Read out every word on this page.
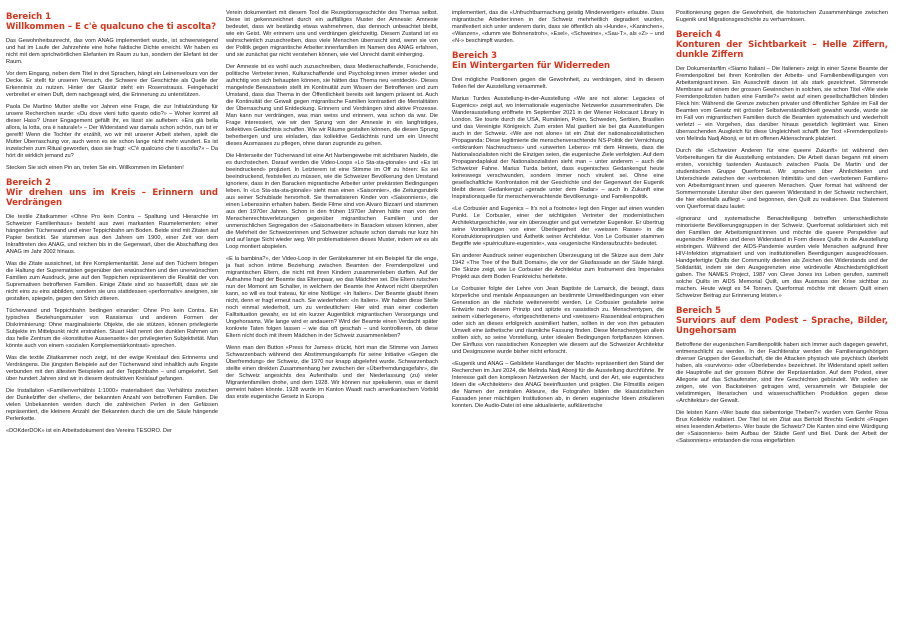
Bereich 1
Willkommen – E c'è qualcuno che ti ascolta?

Das Gewohnheitsunrecht, das vom ANAG implementiert wurde, ist schwerwiegend und hat im Laufe der Jahrzehnte eine hohe faktische Dichte erreicht. Wir haben es nicht mit dem sprichwörtlichen Elefanten im Raum zu tun, sondern der Elefant ist der Raum.

Vor dem Eingang, neben dem Titel in drei Sprachen, hängt ein Leinenvelours von der Decke. Er stellt für unseren Versuch, die Schwere der Geschichte als Quelle der Erkenntnis zu nutzen. Hinter der Glastür steht ein Rosenstrauss. Feingehackt verbreitet er einen Duft, dem nachgesagt wird, die Erinnerung zu unterstützen.

Paola De Martino Mutter stellte vor Jahren eine Frage, die zur Initialzündung für unsere Recherchen wurde: «Du dove vieni tutto questo odio?» – Woher kommt all dieser Hass? Unser Engagement gefällt ihr, es lässt sie aufleben: «Era già bella allora, la lotta, ora è naturale!» – Der Widerstand war damals schon schön, nun ist er gereift! Wenn die Tochter ihr erzählt, wo wir mit unserer Arbeit stehen, spielt die Mutter Überraschung vor, auch wenn es sie schon lange nicht mehr wundert. Es ist inzwischen zum Ritual geworden, dass sie fragt: «C'è qualcuno che ti ascolta?» – Da hört dir wirklich jemand zu?

Stecken Sie sich einen Pin an, treten Sie ein. Willkommen im Elefanten!

Bereich 2
Wir drehen uns im Kreis – Erinnern und Verdrängen

Die textile Zitatkammer «Ohne Pro kein Contra – Spaltung und Hierarchie im Schweizer Familienhaus» besteht aus zwei markanten Raumelementen: einer hängenden Tücherwand und einer Teppichbahn am Boden. Beide sind mit Zitaten auf Papier bestickt. Sie stammen aus den Jahren um 1900, einer Zeit vor dem Inkrafttreten des ANAG, und reichen bis in die Gegenwart, über die Abschaffung des ANAG im Jahr 2002 hinaus.

Was die Zitate aussichnet, ist ihre Komplementarität. Jene auf den Tüchern bringen die Haltung der Suprematisten gegenüber den erwünschten und den unerwünschten Familien zum Ausdruck, jene auf den Teppichen repräsentieren die Realität der von Supremativen betroffenen Familien. Einige Zitate sind so hasserfüllt, dass wir sie nicht eins zu eins abbilden, sondern sie uns stattdessen «performativ» aneignen, sie gestalten, spiegeln, gegen den Strich zitieren.

Tücherwand und Teppichbahn bedingen einander: Ohne Pro kein Contra. Ein typisches Beziehungsmuster von Rassismus und anderen Formen der Diskriminierung: Ohne marginalisierte Objekte, die sie stützen, können privilegierte Subjekte im Mittelpunkt nicht erstrahlen. Stuart Hall nennt den dunklen Rahmen um das helle Zentrum die «konstitutive Aussenseite» der privilegierten Subjektivität. Man könnte auch von einem «sozialen Komplementärkontrast» sprechen.

Was die textile Zitatkammer noch zeigt, ist der ewige Kreislauf des Erinnerns und Verdrängens. Die jüngsten Beispiele auf der Tücherwand sind inhaltlich aufs Engste verbunden mit den ältesten Beispielen auf der Teppichbahn – und umgekehrt. Seit über hundert Jahren sind wir in diesem destruktiven Kreislauf gefangen.

Die Installation «Familienverhältnis 1:1000» materialisiert das Verhältnis zwischen der Dunkelziffer der «hellen», der bekannten Anzahl von betroffenen Familien. Die vielen Unbekannten werden durch die zahlreichen Perlen in den Gefässen repräsentiert, die kleinere Anzahl der Bekannten durch die um die Säule hängende Perlenkette.

«DOKderDOK» ist ein Arbeitsdokument des Vereins TESORO. Der

Verein dokumentiert mit diesem Tool die Rezeptionsgeschichte des Themas selbst. Diese ist gekennzeichnet durch ein auffälliges Muster der Amnesie: Amnesie bedeutet, dass wir beständig etwas wahrnehmen, das dennoch unbeachtet bleibt, wie ein Geist. Wir erinnern uns und verdrängen gleichzeitig. Diesem Zustand ist es wahrscheinlich zuzuschreiben, dass viele Menschen überrascht sind, wenn sie von der Politik gegen migrantische Arbeiter:innenfamilien im Namen des ANAG erfahren, und sie zunächst gar nicht verstehen können, wie viel Unrecht damit einherging.

Der Amnesie ist es wohl auch zuzuschreiben, dass Medienschaffende, Forschende, politische Vertreter:innen, Kulturschaffende und Psycholog:innen immer wieder und aufrichtig von sich behaupten können, sie hätten das Thema neu «entdeckt». Dieses mangelnde Bewusstsein stellt im Kontinuität zum Wissen der Betroffenen und zum Umstand, dass das Thema in der Öffentlichkeit bereits seit langem präsent ist. Auch die Kontinuität der Gewalt gegen migrantische Familien kontrastiert die Mentalitäten der Überraschung und Entdeckung. Erinnern und Verdrängen sind aktive Prozesse. Man kann nur verdrängen, was man weiss und erinnern, was schon da war. Die Frage interessiert, wie wir den Sprung von der Amnesie in ein langfristiges, kollektives Gedächtnis schaffen. Wie wir Räume gestalten können, die diesen Sprung beherbergen und uns einladen, das kollektive Gedächtnis rund um ein Unrecht dieses Ausmasses zu pflegen, ohne daran zugrunde zu gehen.

Die Hinterseite der Tücherwand ist eine Art Narbengewebe mit sichtbaren Nadeln, die es durchstechen. Darauf werden die Video-Loops «Lo Sta-sta-gionale» und «Es ist beeindruckend» projiziert. In Letzterem ist eine Stimme im Off zu hören: Es sei beeindruckend, feststellen zu müssen, wie die Schweizer Bevölkerung den Umstand ignoriere, dass in den Baracken migrantische Arbeiter unter prekärsten Bedingungen leben. In «Lo Sta-sta-sta-gionale» sieht man einen «Saisonnier», die Zeitungsrubrik aus seiner Schublade hervorholt. Sie thematisieren Kinder von «Saisonniers», die einen Lebenssinn erhalten haben. Beide Filme sind von Alvaro Bizzarri und stammen aus den 1970er Jahren. Schon in den frühen 1970er Jahren hätte man von den Menschenrechtsverletzungen gegenüber migrantischen Familien und der unmenschlichen Segregation der «Saisonarbeiter» in Baracken wissen können, aber die Mehrheit der Schweizerinnen und Schweizer schaute schon damals nur kurz hin und auf lange Sicht wieder weg. Wir problematisieren dieses Muster, indem wir es als Loop montiert abspielen.

«E la bambina?», der Video-Loop in der Gerätekammer ist ein Beispiel für die enge, ja fast schon intime Beziehung zwischen Beamten der Fremdenpolizei und migrantischen Eltern, die nicht mit ihren Kindern zusammenleben durften. Auf der Aufnahme fragt der Beamte das Elternpaar, wo das Mädchen sei. Die Eltern rutschen nun der Momont am Schalter, in welchem der Beamte ihre Antwort nicht überprüfen kann, so will es tout trateau, für eine Notlüge: «In Italien». Der Beamte glaubt ihnen nicht, denn er fragt erneut nach. Sie wiederholen: «In Italien». Wir haben diese Stelle noch einmal wiederholt, um zu verdeutlichen: Hier wird man einer codierten Falltsituation gewahr, es ist ein kurzer Augenblick migrantischen Versorgungs und Ungehorsams. Wie lange wird er andauern? Wird der Beamte einen Verdacht später konkrete Taten folgen lassen – wie das oft geschah – und kontrollieren, ob diese Eltern nicht doch mit ihrem Mädchen in der Schweiz zusammenleben?

Wenn man den Button «Press for James» drückt, hört man die Stimme von James Schwarzenbach während des Abstimmungskampfs für seine Initiative «Gegen die Überfremdung» der Schweiz, die 1970 nur knapp abgelehnt wurde. Schwarzenbach stellte einen direkten Zusammenhang her zwischen der «Überfremdungsgefahr», die der Schweiz angesichts des Aufenthalts und der Niederlassung (zu) vieler Migrantenfamilien drohe, und dem 1928. Wir können nur spekulieren, was er damit gemeint haben könnte. 1928 wurde im Kanton Waadt nach amerikanischem Vorbild das erste eugenische Gesetz in Europa

implementiert, das die «Unfruchtbarmachung geistig Minderwertiger» erlaubte. Dass migrantische Arbeiter:innen in der Schweiz mehrheitlich degradiert wurden, manifestiert sich unter anderem darin, dass sie öffentlich als «Hunde», «Kaninchen», «Wanzen», «dumm wie Bohnenstroh», «Esel», «Schweine», «Sau-T», als «Z» – und «N-» beschimpft wurden.

Bereich 3
Ein Wintergarten für Widerreden

Drei mögliche Positionen gegen die Gewohnheit, zu verdrängen, sind in diesem Teilen fiel der Ausstellung versammelt.

Marius Turdes Ausstellung-in-der-Ausstellung «We are not alone: Legacies of Eugenics» zeigt auf, wo internationale eugenische Netzwerke zusammentrafen. Die Wanderausstellung eröffnete im September 2021 in der Wiener Holocaust Library in London. Sie tourte durch die USA, Rumänien, Polen, Schweden, Serbien, Brasilien und das Vereinigte Königreich. Zum ersten Mal gastiert sie bei gta Ausstellungen auch in der Schweiz. «We are not alone» ist ein Zitat der nationalsozialistischen Propaganda: Diese legitimierte die menschenverachtende NS-Politik der Vernichtung «erbkranken Nachwuchses» und «unwerten Lebens» mit dem Hinweis, dass die Nationalsozialisten nicht die Einzigen seien, die eugenische Ziele verfolgten. Auf dem Propagandaplakat der Nationalsozialisten sieht man – unter anderem – auch die Schweizer Fahne. Marius Turda betont, dass eugenisches Gedankengut heute keineswegs verschwunden, sondern immer noch virulent sei. Ohne eine gesellschaftliche Konfrontation mit der Geschichte und der Gegenwart der Eugenik bleibt dieses Gedankengut «gerade unter dem Radar» – auch in Zukunft eine Inspirationsquelle für menschenverachtende Bevölkerungs- und Familienpolitik.

«Le Corbusier and Eugenics – It's not a footnote» legt den Finger auf einen wunden Punkt. Le Corbusier, einer der wichtigsten Vertreter der modernistischen Architekturgeschichte, war ein überzeugter und gut vernetzter Eugeniker. Er übertrug seine Vorstellungen von einer Überlegenheit der «weissen Rasse» in die Konstruktionsprinzipien und Ästhetik seiner Architektur. Von Le Corbusier stammen Begriffe wie «puériculture-eugeniste», was «eugenische Kinderaufzucht» bedeutet.

Ein anderer Ausdruck seiner eugenischen Überzeugung ist die Skizze aus dem Jahr 1942 «The Tree of the Built Domain», die vor der Glasfassade an der Säule hängt. Die Skizze zeigt, wie Le Corbusier die Architektur zum Instrument des Imperiales Projekt aus dem Boden Frankreichs herleitete.

Le Corbusier folgte der Lehre von Jean Baptiste de Lamarck, die besagt, dass körperliche und mentale Anpassungen an bestimmte Umweltbedingungen von einer Generation an die nächste weitervererbt werden. Le Corbusier gestaltete seine Entwürfe nach diesem Prinzip und spitzte es rassistisch zu. Menschentypen, die seinem «überlegenen», «fortgeschrittenen» und «weissen» Rassenideal entsprachen oder sich an dieses erfolgreich assimiliert hatten, sollten in der von ihm gebauten Umwelt eine ästhetische und räumliche Fassung finden. Diese Menschentypen allein sollten sich, so seine Vorstellung, unter idealen Bedingungen fortpflanzen können. Der Einfluss von rassistischen Konzepten wie diesem auf die Schweizer Architektur und Designszene wurde bisher nicht erforscht.

«Eugenik und ANAG – Gebildete Handlanger der Macht» repräsentiert den Stand der Recherchen im Juni 2024, die Melinda Nadj Abonji für die Ausstellung durchführte. Ihr Interesse galt den komplexen Netzwerken der Macht, und der Art, wie eugenisches Ideen die «Architekten» des ANAG beeinflussten und prägten. Die Filmstills zeigen die Namen der zentralen Akteure, die Fotografen bilden die klassizistischen Fassaden jener mächtigen Institutionen ab, in denen eugenische Ideen zirkulieren konnten. Die Audio-Datei ist eine aktualisierte, aufklärerische

Positionierung gegen die Gewohnheit, die historischen Zusammenhänge zwischen Eugenik und Migrationsgeschichte zu verharmlosen.

Bereich 4
Konturen der Sichtbarkeit – Helle Ziffern, dunkle Ziffern

Der Dokumentarfilm «Siamo Italiani – Die Italiener» zeigt in einer Szene Beamte der Fremdenpolizei bei ihren Kontrollen der Arbeits- und Familienbewilligungen von Arbeitsmigrant:innen. Ein Ausschnitt davon ist als stark gezeichnet. Stimmende Membrane auf einem der grossen Gewinnchen in solchen, sie schon Titel «Wie viele Fremdenpolizisten hatten eine Familie?» weist auf einen gesellschaftlichen blinden Fleck hin: Während die Grenze zwischen privater und öffentlicher Sphäre im Fall der Beamten vom Gesetz mit grösster Selbstverständlichkeit gewahrt wurde, wurde sie im Fall von migrantischen Familien durch die Beamten systematisch und wiederholt verletzt – ein Vorgehen, das darüber hinaus gesetzlich legitimiert war. Einen überraschenden Ausgleich für diese Ungleichheit schafft der Text «Fremdenpolizei» von Melinda Nadj Abonji, er ist im offenen Aktenschrank platziert.

Durch die «Schweizer Anderen für eine queere Zukunft» ist während den Vorbereitungen für die Ausstellung entstanden. Die Arbeit daran begann mit einem ersten, vorsichtig tastenden Austausch zwischen Paola De Martin und der studentischen Gruppe Querformat. Wir sprachen über Ähnlichkeiten und Unterschiede zwischen der «verbotenen Intimität» und den «verbotenen Familien» von Arbeitsmigrant:innen und queeren Menschen. Quer format hat während der Sommermonate Literatur über den queeren Widerstand in der Schweiz recherchiert, die hier ebenfalls aufliegt – und begonnen, den Quilt zu realisieren. Das Statement von Querformat dazu lautet:

«Ignoranz und systematische Benachteiligung betreffen unterschiedlichste minorisierte Bevölkerungsgruppen in der Schweiz. Querformat solidarisiert sich mit den Familien der Arbeitsmigrant:innen und möchte die queere Perspektive auf eugenische Politiken und deren Widerstand in Form dieses Quilts in die Ausstellung einbringen. Während der AIDS-Pandemie wurden viele Menschen aufgrund ihrer HIV-Infektion stigmatisiert und von institutionellen Beerdigungen ausgeschlossen. Handgefertigte Quilts der Community dienten als Zeichen des Widerstands und der Solidarität, indem sie den Ausgegrenzten eine würdevolle Abschiedsmöglichkeit gaben. The NAMES Project, 1987 von Cleve Jones ins Leben gerufen, sammelt solche Quilts im AIDS Memorial Quilt, um das Ausmass der Krise sichtbar zu machen. Heute wiegt es 54 Tonnen. Querformat möchte mit diesem Quilt einen Schweizer Beitrag zur Erinnerung leisten.»

Bereich 5
Surviors auf dem Podest – Sprache, Bilder, Ungehorsam

Betroffene der eugenischen Familienpolitik haben sich immer auch dagegen gewehrt, entmenschlicht zu werden. In der Fachliteratur werden die Familienangehörigen diverser Gruppen der Gesellschaft, die die Attacken physisch wie psychisch überlebt haben, als «survivors» oder «Überlebende» bezeichnet. Ihr Widerstand spielt selten die Hauptrolle auf der grossen Bühne der Repräsentation. Auf dem Podest, einer Allegorie auf das Schaufenster, sind ihre Geschichten gebündelt. Wir wollen sie zeigen, wie von Backsteinen getragen wird, versammeln wir Beispiele der vielstimmigen, literarischen und wissenschaftlichen Produktion gegen diese «Architektur» der Gewalt.

Die leisten Kann «Wer baute das siebentorige Theben?» wurden vom Genfer Rosa Brux Kollektiv realisiert. Der Titel ist ein Zitat aus Bertold Brechts Gedicht «Fragen eines lesenden Arbeiters». Wer baute die Schweiz? Die Kanten sind eine Würdigung der «Saisonniers» beim Aufbau der Städte Genf und Biel. Dank der Arbeit der «Saisonniers» entstanden die rosa eingefärbten
